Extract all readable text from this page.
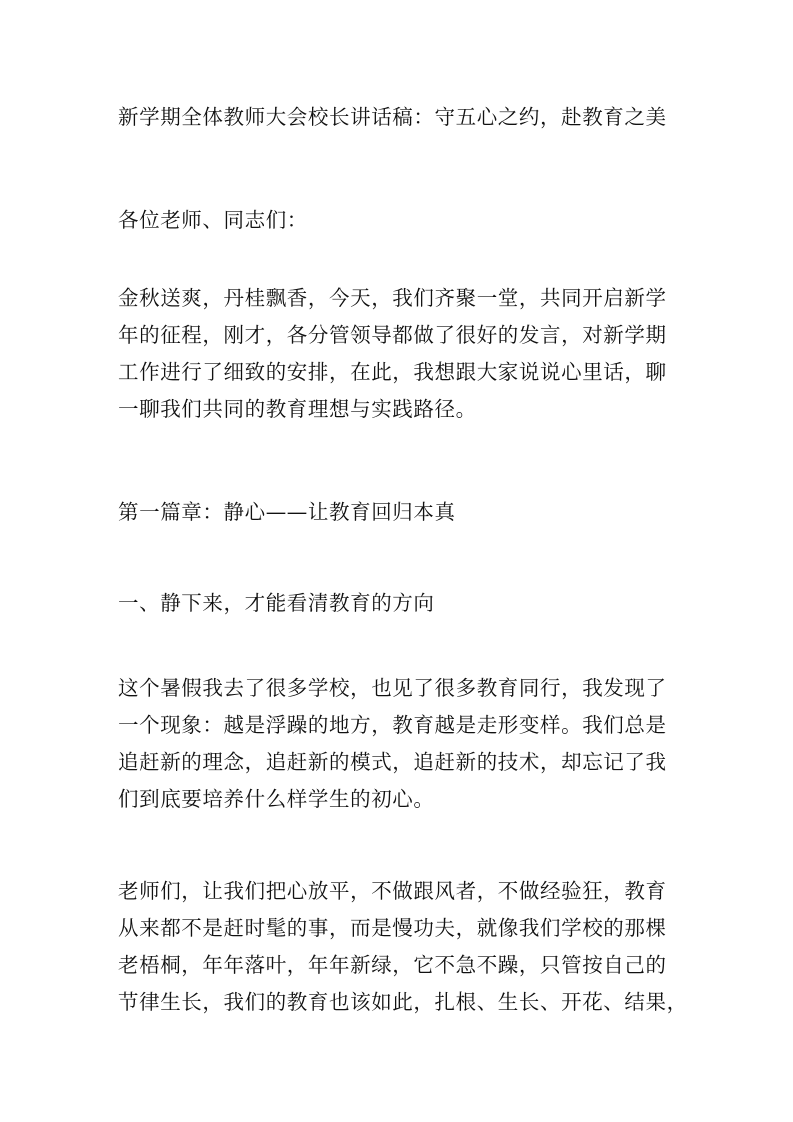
新学期全体教师大会校长讲话稿：守五心之约，赴教育之美
各位老师、同志们：
金秋送爽，丹桂飘香，今天，我们齐聚一堂，共同开启新学
年的征程，刚才，各分管领导都做了很好的发言，对新学期
工作进行了细致的安排，在此，我想跟大家说说心里话，聊
一聊我们共同的教育理想与实践路径。
第一篇章：静心——让教育回归本真
一、静下来，才能看清教育的方向
这个暑假我去了很多学校，也见了很多教育同行，我发现了
一个现象：越是浮躁的地方，教育越是走形变样。我们总是
追赶新的理念，追赶新的模式，追赶新的技术，却忘记了我
们到底要培养什么样学生的初心。
老师们，让我们把心放平，不做跟风者，不做经验狂，教育
从来都不是赶时髦的事，而是慢功夫，就像我们学校的那棵
老梧桐，年年落叶，年年新绿，它不急不躁，只管按自己的
节律生长，我们的教育也该如此，扎根、生长、开花、结果，
